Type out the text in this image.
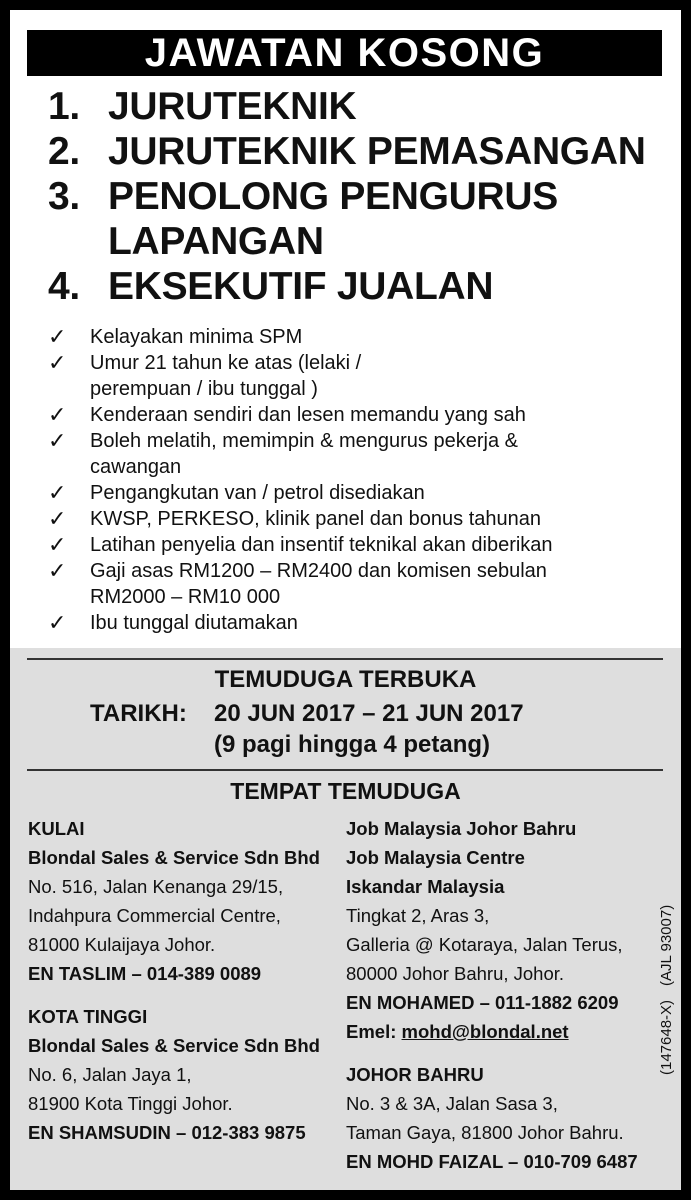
JAWATAN KOSONG
1. JURUTEKNIK
2. JURUTEKNIK PEMASANGAN
3. PENOLONG PENGURUS LAPANGAN
4. EKSEKUTIF JUALAN
✓	Kelayakan minima SPM
✓	Umur 21 tahun ke atas (lelaki / perempuan / ibu tunggal )
✓	Kenderaan sendiri dan lesen memandu yang sah
✓	Boleh melatih, memimpin & mengurus pekerja & cawangan
✓	Pengangkutan van / petrol disediakan
✓	KWSP, PERKESO, klinik panel dan bonus tahunan
✓	Latihan penyelia dan insentif teknikal akan diberikan
✓	Gaji asas RM1200 – RM2400 dan komisen sebulan RM2000 – RM10 000
✓	Ibu tunggal diutamakan
TEMUDUGA TERBUKA
TARIKH: 20 JUN 2017 – 21 JUN 2017
(9 pagi hingga 4 petang)
TEMPAT TEMUDUGA
KULAI
Blondal Sales & Service Sdn Bhd
No. 516, Jalan Kenanga 29/15,
Indahpura Commercial Centre,
81000 Kulaijaya Johor.
EN TASLIM – 014-389 0089
KOTA TINGGI
Blondal Sales & Service Sdn Bhd
No. 6, Jalan Jaya 1,
81900 Kota Tinggi Johor.
EN SHAMSUDIN – 012-383 9875
Job Malaysia Johor Bahru
Job Malaysia Centre
Iskandar Malaysia
Tingkat 2, Aras 3,
Galleria @ Kotaraya, Jalan Terus,
80000 Johor Bahru, Johor.
EN MOHAMED – 011-1882 6209
Emel: mohd@blondal.net
JOHOR BAHRU
No. 3 & 3A, Jalan Sasa 3,
Taman Gaya, 81800 Johor Bahru.
EN MOHD FAIZAL – 010-709 6487
(147648-X)(AJL 93007)
